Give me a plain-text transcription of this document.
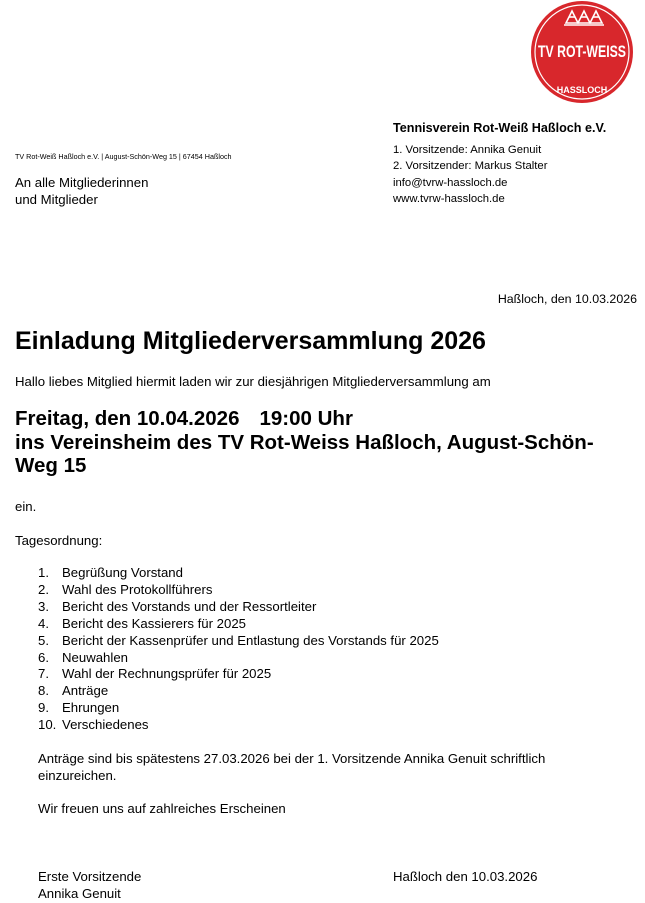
TV ROT-WEISS
HASSLOCH
TV Rot-Weiß Haßloch e.V. | August-Schön-Weg 15 | 67454 Haßloch
Tennisverein Rot-Weiß Haßloch e.V.
1. Vorsitzende: Annika Genuit
2. Vorsitzender: Markus Stalter
info@tvrw-hassloch.de
www.tvrw-hassloch.de
An alle Mitgliederinnen
und Mitglieder
Haßloch, den 10.03.2026
Einladung Mitgliederversammlung 2026
Hallo liebes Mitglied hiermit laden wir zur diesjährigen Mitgliederversammlung am
Freitag, den 10.04.2026 19:00 Uhr
ins Vereinsheim des TV Rot-Weiss Haßloch, August-Schön-
Weg 15
ein.
Tagesordnung:
1. Begrüßung Vorstand
2. Wahl des Protokollführers
3. Bericht des Vorstands und der Ressortleiter
4. Bericht des Kassierers für 2025
5. Bericht der Kassenprüfer und Entlastung des Vorstands für 2025
6. Neuwahlen
7. Wahl der Rechnungsprüfer für 2025
8. Anträge
9. Ehrungen
10. Verschiedenes
Anträge sind bis spätestens 27.03.2026 bei der 1. Vorsitzende Annika Genuit schriftlich
einzureichen.
Wir freuen uns auf zahlreiches Erscheinen
Erste Vorsitzende
Annika Genuit
Haßloch den 10.03.2026
